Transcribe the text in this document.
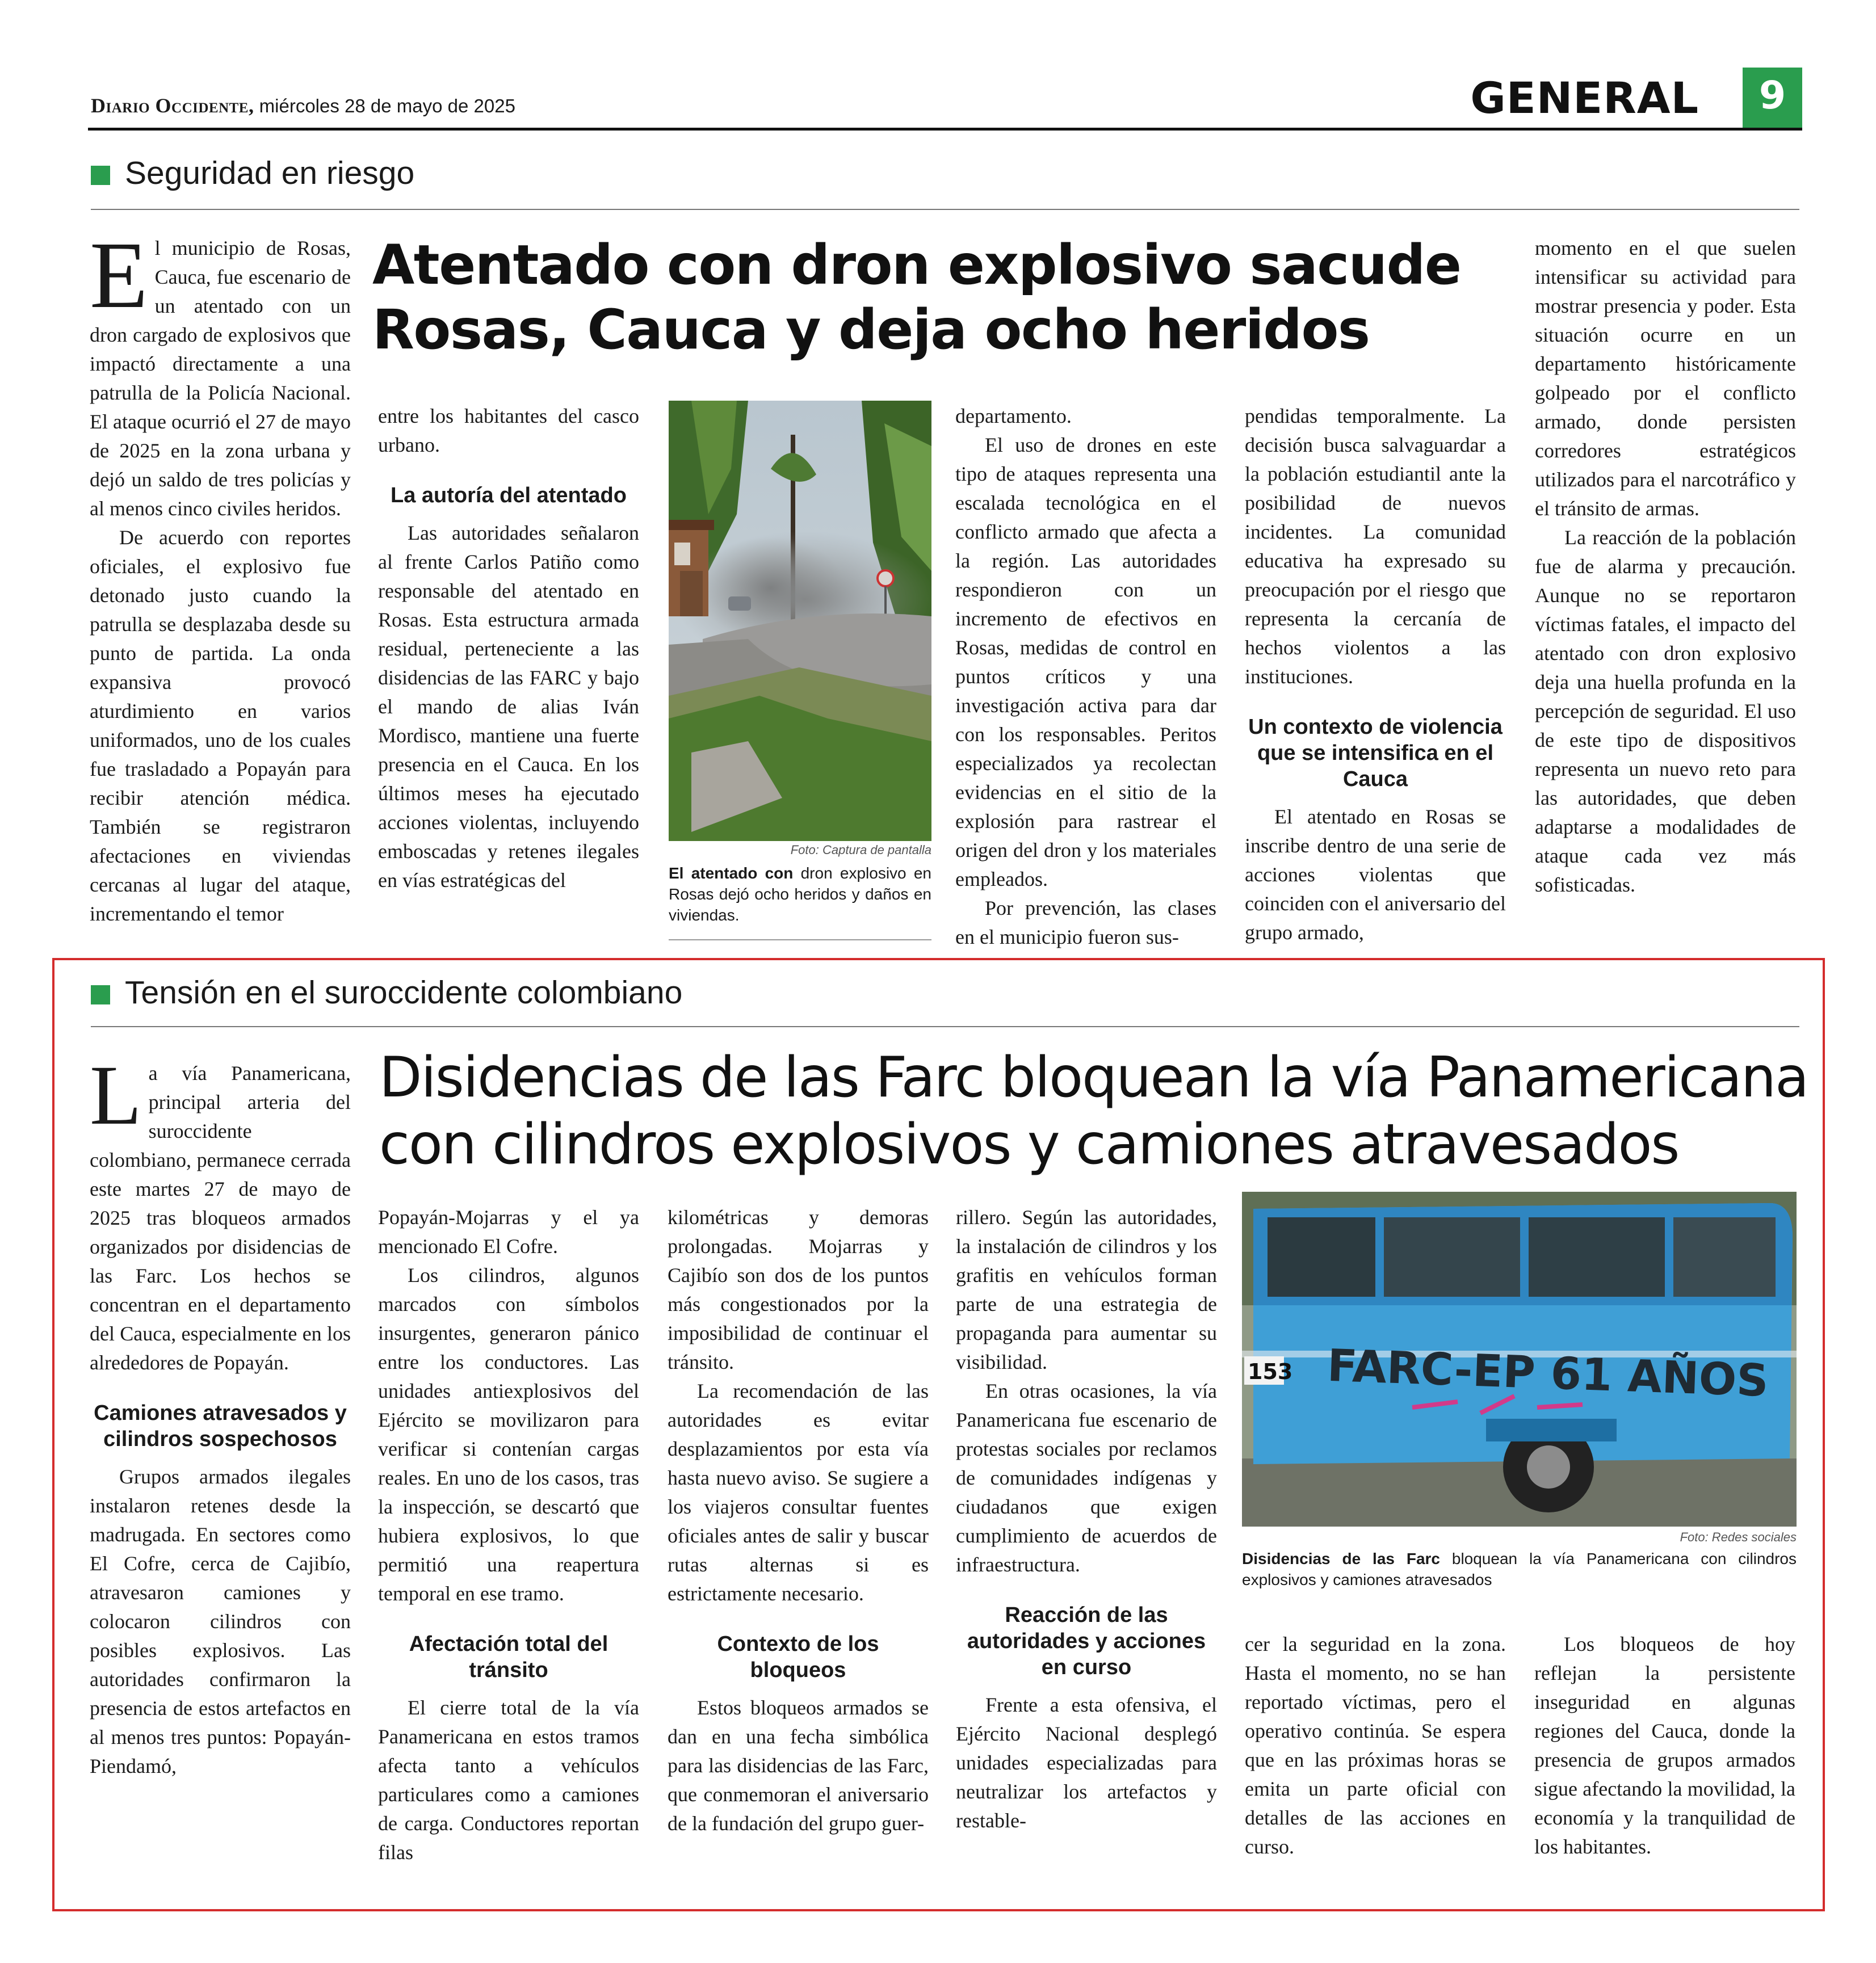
Diario Occidente, miércoles 28 de mayo de 2025	GENERAL	9
Seguridad en riesgo
Atentado con dron explosivo sacude
Rosas, Cauca y deja ocho heridos

El municipio de Rosas, Cauca, fue escenario de un atentado con un dron cargado de explosivos que impactó directamente a una patrulla de la Policía Nacional. El ataque ocurrió el 27 de mayo de 2025 en la zona urbana y dejó un saldo de tres policías y al menos cinco civiles heridos.

De acuerdo con reportes oficiales, el explosivo fue detonado justo cuando la patrulla se desplazaba desde su punto de partida. La onda expansiva provocó aturdimiento en varios uniformados, uno de los cuales fue trasladado a Popayán para recibir atención médica. También se registraron afectaciones en viviendas cercanas al lugar del ataque, incrementando el temor

entre los habitantes del casco urbano.

La autoría del atentado

Las autoridades señalaron al frente Carlos Patiño como responsable del atentado en Rosas. Esta estructura armada residual, perteneciente a las disidencias de las FARC y bajo el mando de alias Iván Mordisco, mantiene una fuerte presencia en el Cauca. En los últimos meses ha ejecutado acciones violentas, incluyendo emboscadas y retenes ilegales en vías estratégicas del

Foto: Captura de pantalla
El atentado con dron explosivo en Rosas dejó ocho heridos y daños en viviendas.

departamento.

El uso de drones en este tipo de ataques representa una escalada tecnológica en el conflicto armado que afecta a la región. Las autoridades respondieron con un incremento de efectivos en Rosas, medidas de control en puntos críticos y una investigación activa para dar con los responsables. Peritos especializados ya recolectan evidencias en el sitio de la explosión para rastrear el origen del dron y los materiales empleados.

Por prevención, las clases en el municipio fueron sus-

pendidas temporalmente. La decisión busca salvaguardar a la población estudiantil ante la posibilidad de nuevos incidentes. La comunidad educativa ha expresado su preocupación por el riesgo que representa la cercanía de hechos violentos a las instituciones.

Un contexto de violencia que se intensifica en el Cauca

El atentado en Rosas se inscribe dentro de una serie de acciones violentas que coinciden con el aniversario del grupo armado,

momento en el que suelen intensificar su actividad para mostrar presencia y poder. Esta situación ocurre en un departamento históricamente golpeado por el conflicto armado, donde persisten corredores estratégicos utilizados para el narcotráfico y el tránsito de armas.

La reacción de la población fue de alarma y precaución. Aunque no se reportaron víctimas fatales, el impacto del atentado con dron explosivo deja una huella profunda en la percepción de seguridad. El uso de este tipo de dispositivos representa un nuevo reto para las autoridades, que deben adaptarse a modalidades de ataque cada vez más sofisticadas.

Tensión en el suroccidente colombiano
Disidencias de las Farc bloquean la vía Panamericana
con cilindros explosivos y camiones atravesados

La vía Panamericana, principal arteria del suroccidente colombiano, permanece cerrada este martes 27 de mayo de 2025 tras bloqueos armados organizados por disidencias de las Farc. Los hechos se concentran en el departamento del Cauca, especialmente en los alrededores de Popayán.

Camiones atravesados y cilindros sospechosos

Grupos armados ilegales instalaron retenes desde la madrugada. En sectores como El Cofre, cerca de Cajibío, atravesaron camiones y colocaron cilindros con posibles explosivos. Las autoridades confirmaron la presencia de estos artefactos en al menos tres puntos: Popayán-Piendamó,

Popayán-Mojarras y el ya mencionado El Cofre.

Los cilindros, algunos marcados con símbolos insurgentes, generaron pánico entre los conductores. Las unidades antiexplosivos del Ejército se movilizaron para verificar si contenían cargas reales. En uno de los casos, tras la inspección, se descartó que hubiera explosivos, lo que permitió una reapertura temporal en ese tramo.

Afectación total del tránsito

El cierre total de la vía Panamericana en estos tramos afecta tanto a vehículos particulares como a camiones de carga. Conductores reportan filas

kilométricas y demoras prolongadas. Mojarras y Cajibío son dos de los puntos más congestionados por la imposibilidad de continuar el tránsito.

La recomendación de las autoridades es evitar desplazamientos por esta vía hasta nuevo aviso. Se sugiere a los viajeros consultar fuentes oficiales antes de salir y buscar rutas alternas si es estrictamente necesario.

Contexto de los bloqueos

Estos bloqueos armados se dan en una fecha simbólica para las disidencias de las Farc, que conmemoran el aniversario de la fundación del grupo guer-

rillero. Según las autoridades, la instalación de cilindros y los grafitis en vehículos forman parte de una estrategia de propaganda para aumentar su visibilidad.

En otras ocasiones, la vía Panamericana fue escenario de protestas sociales por reclamos de comunidades indígenas y ciudadanos que exigen cumplimiento de acuerdos de infraestructura.

Reacción de las autoridades y acciones en curso

Frente a esta ofensiva, el Ejército Nacional desplegó unidades especializadas para neutralizar los artefactos y restable-

FARC-EP 61 AÑOS
153
Foto: Redes sociales
Disidencias de las Farc bloquean la vía Panamericana con cilindros explosivos y camiones atravesados

cer la seguridad en la zona. Hasta el momento, no se han reportado víctimas, pero el operativo continúa. Se espera que en las próximas horas se emita un parte oficial con detalles de las acciones en curso.

Los bloqueos de hoy reflejan la persistente inseguridad en algunas regiones del Cauca, donde la presencia de grupos armados sigue afectando la movilidad, la economía y la tranquilidad de los habitantes.
